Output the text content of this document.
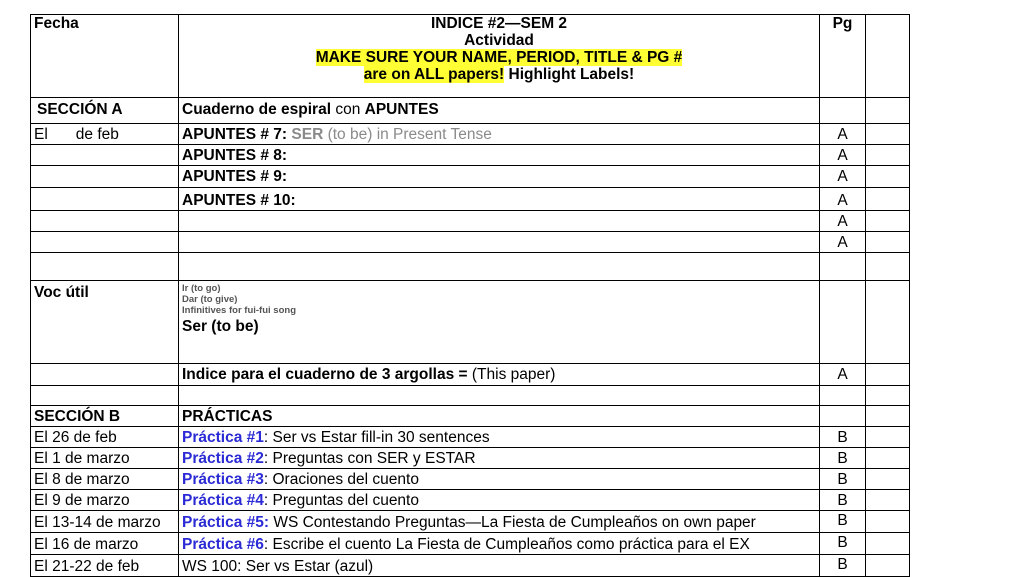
Fecha	INDICE #2—SEM 2
Actividad
MAKE SURE YOUR NAME, PERIOD, TITLE & PG #
are on ALL papers! Highlight Labels!	Pg	
SECCIÓN A	Cuaderno de espiral con APUNTES		
El de feb	APUNTES # 7: SER (to be) in Present Tense	A	
	APUNTES # 8:	A	
	APUNTES # 9:	A	
	APUNTES # 10:	A	
		A	
		A	

Voc útil	Ir (to go)
Dar (to give)
Infinitives for fui-fui song
Ser (to be)		

	Indice para el cuaderno de 3 argollas = (This paper)	A	

SECCIÓN B	PRÁCTICAS		
El 26 de feb	Práctica #1: Ser vs Estar fill-in 30 sentences	B	
El 1 de marzo	Práctica #2: Preguntas con SER y ESTAR	B	
El 8 de marzo	Práctica #3: Oraciones del cuento	B	
El 9 de marzo	Práctica #4: Preguntas del cuento	B	
El 13-14 de marzo	Práctica #5: WS Contestando Preguntas—La Fiesta de Cumpleaños on own paper	B	
El 16 de marzo	Práctica #6: Escribe el cuento La Fiesta de Cumpleaños como práctica para el EX	B	
El 21-22 de feb	WS 100: Ser vs Estar (azul)	B	
